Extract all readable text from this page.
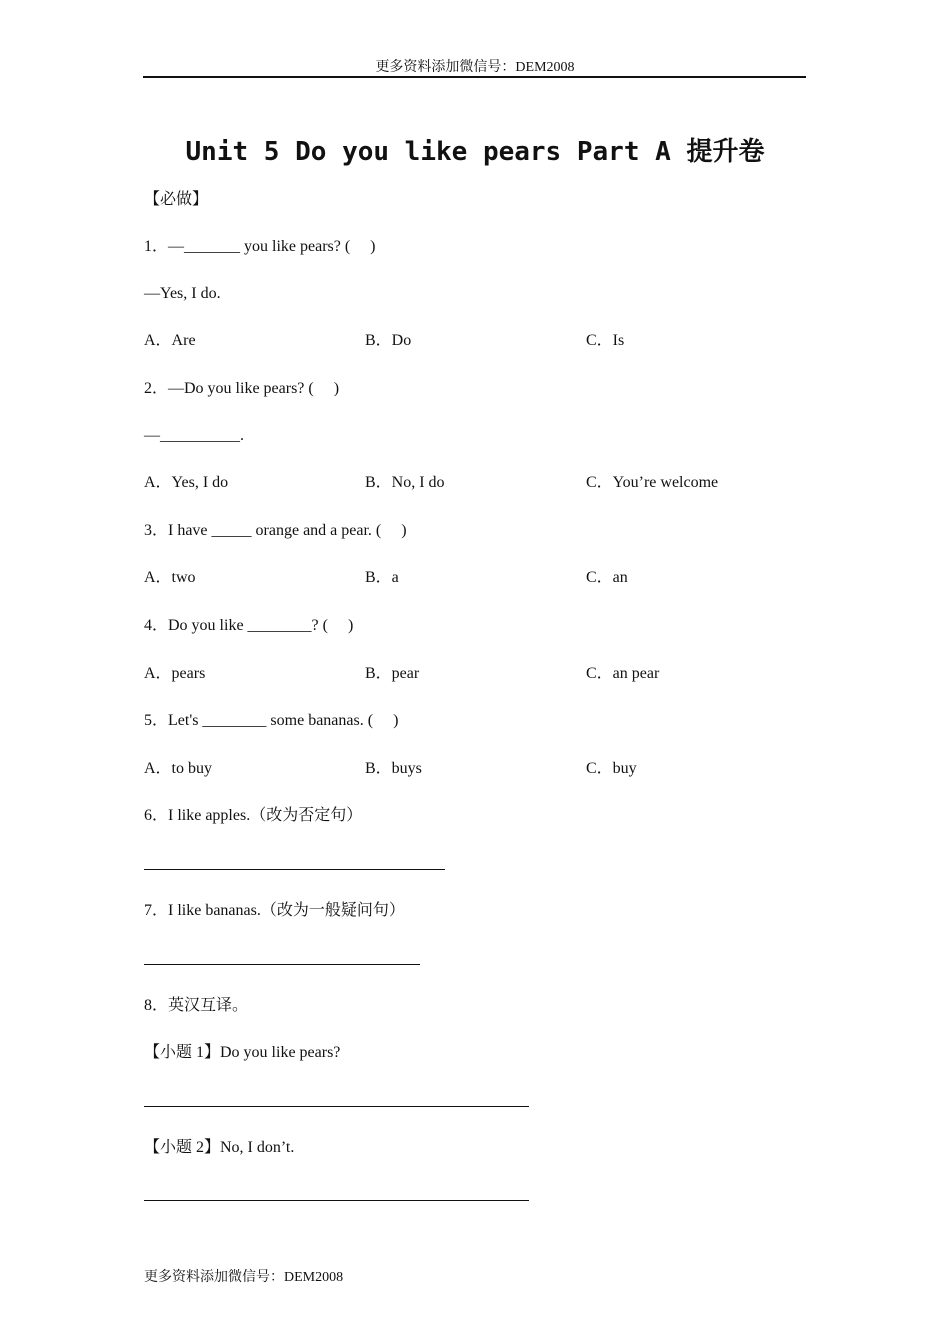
更多资料添加微信号：DEM2008
Unit 5 Do you like pears Part A 提升卷
【必做】
1．—_______ you like pears? (     )
—Yes, I do.
A．Are	B．Do	C．Is
2．—Do you like pears? (     )
—__________.
A．Yes, I do	B．No, I do	C．You’re welcome
3．I have _____ orange and a pear. (     )
A．two	B．a	C．an
4．Do you like ________? (     )
A．pears	B．pear	C．an pear
5．Let's ________ some bananas. (     )
A．to buy	B．buys	C．buy
6．I like apples.（改为否定句）
7．I like bananas.（改为一般疑问句）
8．英汉互译。
【小题 1】Do you like pears?
【小题 2】No, I don’t.
更多资料添加微信号：DEM2008
